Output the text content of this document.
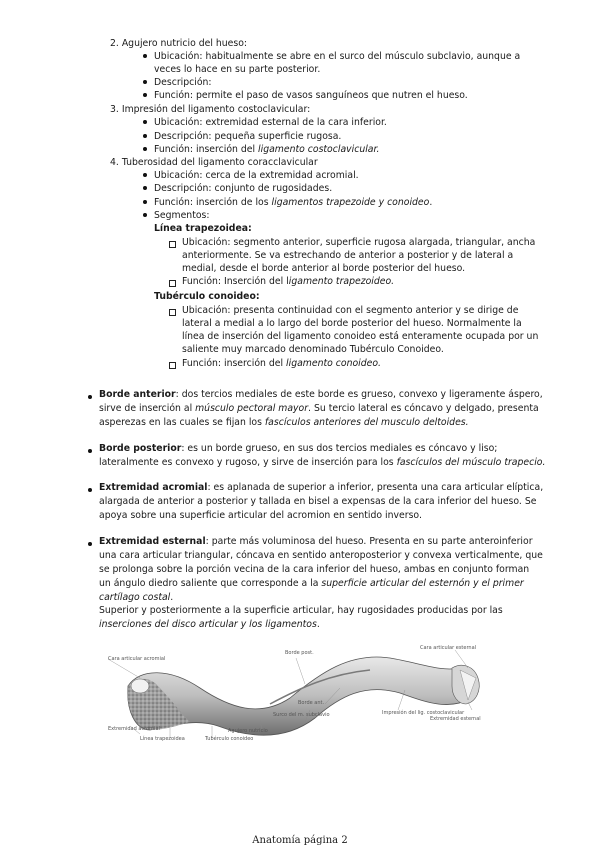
2. Agujero nutricio del hueso:
Ubicación: habitualmente se abre en el surco del músculo subclavio, aunque a
veces lo hace en su parte posterior.
Descripción:
Función: permite el paso de vasos sanguíneos que nutren el hueso.
3. Impresión del ligamento costoclavicular:
Ubicación: extremidad esternal de la cara inferior.
Descripción: pequeña superficie rugosa.
Función: inserción del ligamento costoclavicular.
4. Tuberosidad del ligamento coracclavicular
Ubicación: cerca de la extremidad acromial.
Descripción: conjunto de rugosidades.
Función: inserción de los ligamentos trapezoide y conoideo.
Segmentos:
Línea trapezoidea:
Ubicación: segmento anterior, superficie rugosa alargada, triangular, ancha
anteriormente. Se va estrechando de anterior a posterior y de lateral a
medial, desde el borde anterior al borde posterior del hueso.
Función: Inserción del ligamento trapezoideo.
Tubérculo conoideo:
Ubicación: presenta continuidad con el segmento anterior y se dirige de
lateral a medial a lo largo del borde posterior del hueso. Normalmente la
línea de inserción del ligamento conoideo está enteramente ocupada por un
saliente muy marcado denominado Tubérculo Conoideo.
Función: inserción del ligamento conoideo.
Borde anterior: dos tercios mediales de este borde es grueso, convexo y ligeramente áspero,
sirve de inserción al músculo pectoral mayor. Su tercio lateral es cóncavo y delgado, presenta
asperezas en las cuales se fijan los fascículos anteriores del musculo deltoides.
Borde posterior: es un borde grueso, en sus dos tercios mediales es cóncavo y liso;
lateralmente es convexo y rugoso, y sirve de inserción para los fascículos del músculo trapecio.
Extremidad acromial: es aplanada de superior a inferior, presenta una cara articular elíptica,
alargada de anterior a posterior y tallada en bisel a expensas de la cara inferior del hueso. Se
apoya sobre una superficie articular del acromion en sentido inverso.
Extremidad esternal: parte más voluminosa del hueso. Presenta en su parte anteroinferior
una cara articular triangular, cóncava en sentido anteroposterior y convexa verticalmente, que
se prolonga sobre la porción vecina de la cara inferior del hueso, ambas en conjunto forman
un ángulo diedro saliente que corresponde a la superficie articular del esternón y el primer
cartílago costal.
Superior y posteriormente a la superficie articular, hay rugosidades producidas por las
inserciones del disco articular y los ligamentos.
Cara articular acromial
Extremidad acromial
Línea trapezoidea	Tubérculo conoideo
Agujero nutricio
Borde post.
Borde ant.
Surco del m. subclavio	Impresión del lig. costoclavicular
Cara articular esternal
Extremidad esternal
Anatomía página 2
